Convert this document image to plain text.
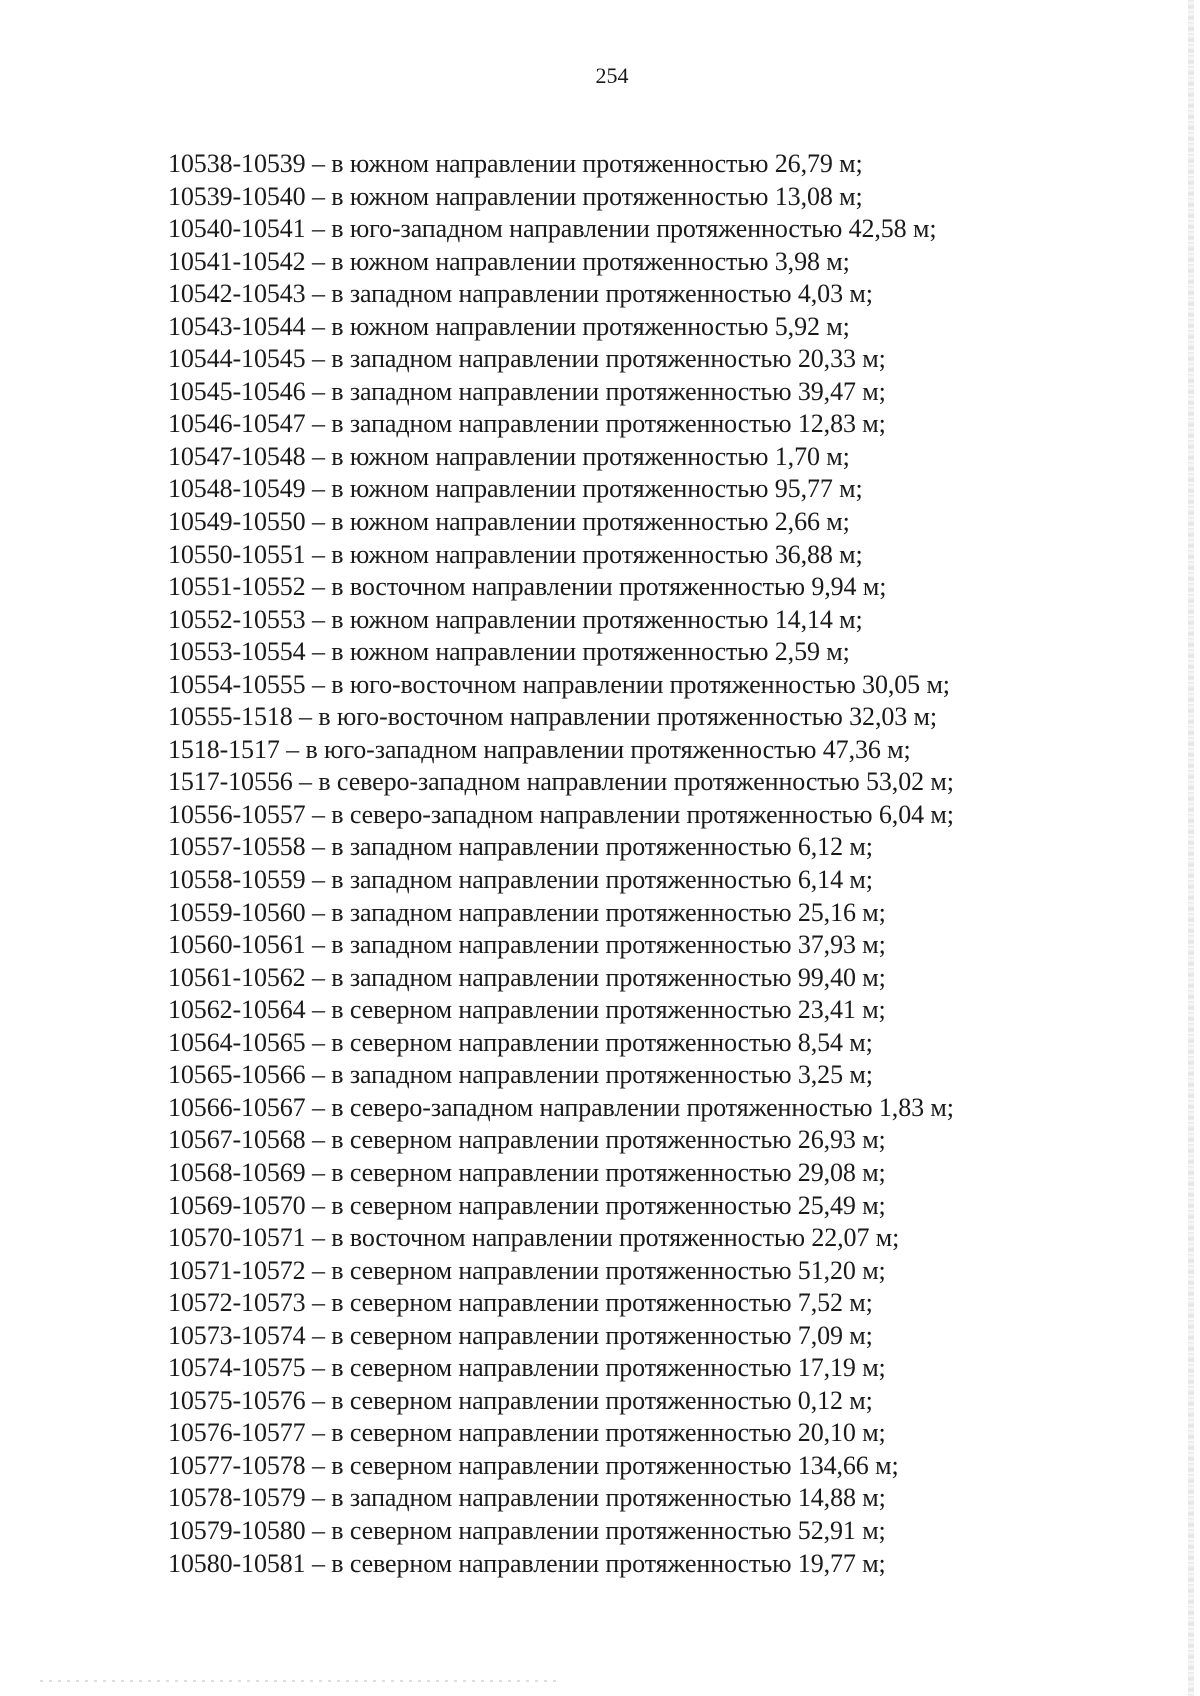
254
10538-10539 – в южном направлении протяженностью 26,79 м;
10539-10540 – в южном направлении протяженностью 13,08 м;
10540-10541 – в юго-западном направлении протяженностью 42,58 м;
10541-10542 – в южном направлении протяженностью 3,98 м;
10542-10543 – в западном направлении протяженностью 4,03 м;
10543-10544 – в южном направлении протяженностью 5,92 м;
10544-10545 – в западном направлении протяженностью 20,33 м;
10545-10546 – в западном направлении протяженностью 39,47 м;
10546-10547 – в западном направлении протяженностью 12,83 м;
10547-10548 – в южном направлении протяженностью 1,70 м;
10548-10549 – в южном направлении протяженностью 95,77 м;
10549-10550 – в южном направлении протяженностью 2,66 м;
10550-10551 – в южном направлении протяженностью 36,88 м;
10551-10552 – в восточном направлении протяженностью 9,94 м;
10552-10553 – в южном направлении протяженностью 14,14 м;
10553-10554 – в южном направлении протяженностью 2,59 м;
10554-10555 – в юго-восточном направлении протяженностью 30,05 м;
10555-1518 – в юго-восточном направлении протяженностью 32,03 м;
1518-1517 – в юго-западном направлении протяженностью 47,36 м;
1517-10556 – в северо-западном направлении протяженностью 53,02 м;
10556-10557 – в северо-западном направлении протяженностью 6,04 м;
10557-10558 – в западном направлении протяженностью 6,12 м;
10558-10559 – в западном направлении протяженностью 6,14 м;
10559-10560 – в западном направлении протяженностью 25,16 м;
10560-10561 – в западном направлении протяженностью 37,93 м;
10561-10562 – в западном направлении протяженностью 99,40 м;
10562-10564 – в северном направлении протяженностью 23,41 м;
10564-10565 – в северном направлении протяженностью 8,54 м;
10565-10566 – в западном направлении протяженностью 3,25 м;
10566-10567 – в северо-западном направлении протяженностью 1,83 м;
10567-10568 – в северном направлении протяженностью 26,93 м;
10568-10569 – в северном направлении протяженностью 29,08 м;
10569-10570 – в северном направлении протяженностью 25,49 м;
10570-10571 – в восточном направлении протяженностью 22,07 м;
10571-10572 – в северном направлении протяженностью 51,20 м;
10572-10573 – в северном направлении протяженностью 7,52 м;
10573-10574 – в северном направлении протяженностью 7,09 м;
10574-10575 – в северном направлении протяженностью 17,19 м;
10575-10576 – в северном направлении протяженностью 0,12 м;
10576-10577 – в северном направлении протяженностью 20,10 м;
10577-10578 – в северном направлении протяженностью 134,66 м;
10578-10579 – в западном направлении протяженностью 14,88 м;
10579-10580 – в северном направлении протяженностью 52,91 м;
10580-10581 – в северном направлении протяженностью 19,77 м;
